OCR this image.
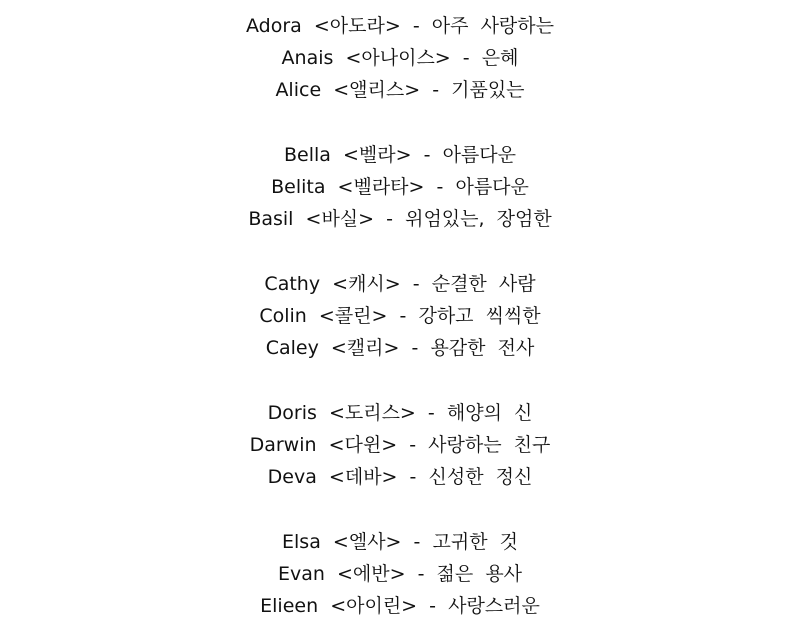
Adora  <아도라>  -  아주  사랑하는
Anais  <아나이스>  -  은혜
Alice  <앨리스>  -  기품있는
Bella  <벨라>  -  아름다운
Belita  <벨라타>  -  아름다운
Basil  <바실>  -  위엄있는,  장엄한
Cathy  <캐시>  -  순결한  사람
Colin  <콜린>  -  강하고  씩씩한
Caley  <캘리>  -  용감한  전사
Doris  <도리스>  -  해양의  신
Darwin  <다윈>  -  사랑하는  친구
Deva  <데바>  -  신성한  정신
Elsa  <엘사>  -  고귀한  것
Evan  <에반>  -  젊은  용사
Elieen  <아이린>  -  사랑스러운
